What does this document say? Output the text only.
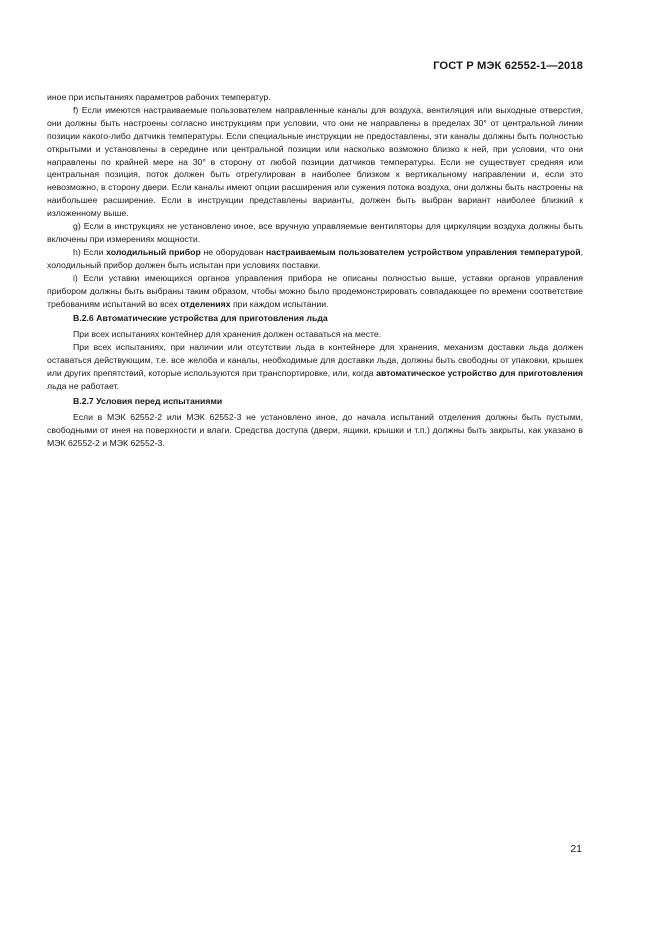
ГОСТ Р МЭК 62552-1—2018

иное при испытаниях параметров рабочих температур.

f) Если имеются настраиваемые пользователем направленные каналы для воздуха, вентиляция или выходные отверстия, они должны быть настроены согласно инструкциям при условии, что они не направлены в пределах 30° от центральной линии позиции какого-либо датчика температуры. Если специальные инструкции не предоставлены, эти каналы должны быть полностью открытыми и установлены в середине или центральной позиции или насколько возможно близко к ней, при условии, что они направлены по крайней мере на 30° в сторону от любой позиции датчиков температуры. Если не существует средняя или центральная позиция, поток должен быть отрегулирован в наиболее близком к вертикальному направлении и, если это невозможно, в сторону двери. Если каналы имеют опции расширения или сужения потока воздуха, они должны быть настроены на наибольшее расширение. Если в инструкции представлены варианты, должен быть выбран вариант наиболее близкий к изложенному выше.

g) Если в инструкциях не установлено иное, все вручную управляемые вентиляторы для циркуляции воздуха должны быть включены при измерениях мощности.

h) Если холодильный прибор не оборудован настраиваемым пользователем устройством управления температурой, холодильный прибор должен быть испытан при условиях поставки.

i) Если уставки имеющихся органов управления прибора не описаны полностью выше, уставки органов управления прибором должны быть выбраны таким образом, чтобы можно было продемонстрировать совпадающее по времени соответствие требованиям испытаний во всех отделениях при каждом испытании.

В.2.6 Автоматические устройства для приготовления льда

При всех испытаниях контейнер для хранения должен оставаться на месте.

При всех испытаниях, при наличии или отсутствии льда в контейнере для хранения, механизм доставки льда должен оставаться действующим, т.е. все желоба и каналы, необходимые для доставки льда, должны быть свободны от упаковки, крышек или других препятствий, которые используются при транспортировке, или, когда автоматическое устройство для приготовления льда не работает.

В.2.7 Условия перед испытаниями

Если в МЭК 62552-2 или МЭК 62552-3 не установлено иное, до начала испытаний отделения должны быть пустыми, свободными от инея на поверхности и влаги. Средства доступа (двери, ящики, крышки и т.п.) должны быть закрыты, как указано в МЭК 62552-2 и МЭК 62552-3.

21
